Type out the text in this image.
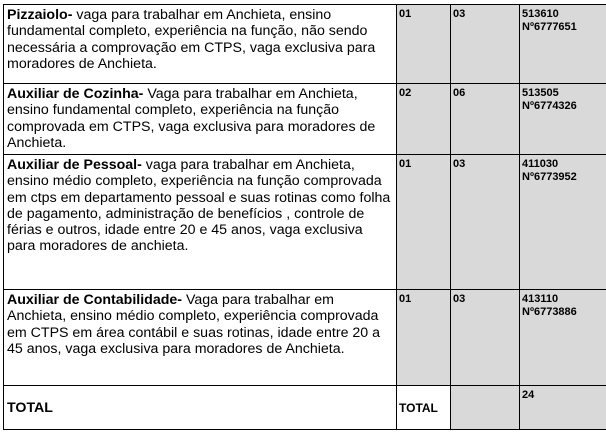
Pizzaiolo- vaga para trabalhar em Anchieta, ensino fundamental completo, experiência na função, não sendo necessária a comprovação em CTPS, vaga exclusiva para moradores de Anchieta.	01	03	513610
Nº6777651

Auxiliar de Cozinha- Vaga para trabalhar em Anchieta, ensino fundamental completo, experiência na função comprovada em CTPS, vaga exclusiva para moradores de Anchieta.	02	06	513505
Nº6774326

Auxiliar de Pessoal- vaga para trabalhar em Anchieta, ensino médio completo, experiência na função comprovada em ctps em departamento pessoal e suas rotinas como folha de pagamento, administração de benefícios , controle de férias e outros, idade entre 20 e 45 anos, vaga exclusiva para moradores de anchieta.	01	03	411030
Nº6773952

Auxiliar de Contabilidade- Vaga para trabalhar em Anchieta, ensino médio completo, experiência comprovada em CTPS em área contábil e suas rotinas, idade entre 20 a 45 anos, vaga exclusiva para moradores de Anchieta.	01	03	413110
Nº6773886

TOTAL	TOTAL		24
